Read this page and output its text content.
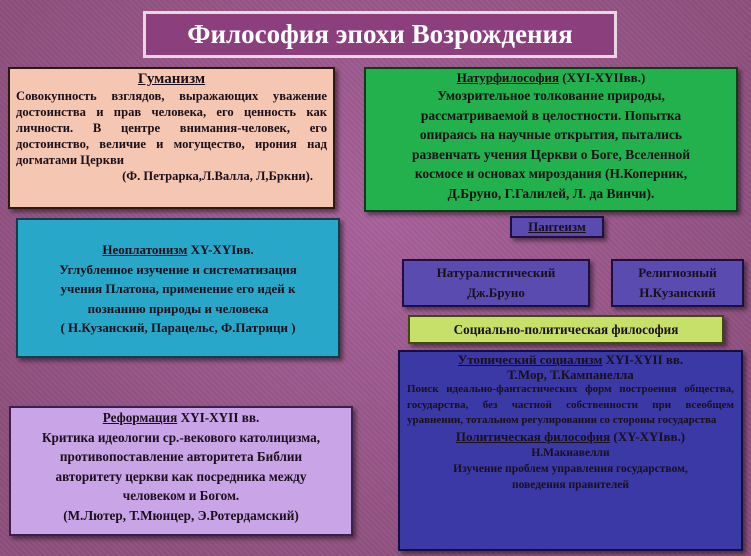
Философия эпохи Возрождения
Гуманизм
Совокупность взглядов, выражающих уважение достоинства и прав человека, его ценность как личности. В центре внимания-человек, его достоинство, величие и могущество, ирония над догматами Церкви
(Ф. Петрарка,Л.Валла, Л,Бркни).
Натурфилософия (XYI-XYIIвв.)
Умозрительное толкование природы,
рассматриваемой в целостности. Попытка
опираясь на научные открытия, пытались
развенчать учения Церкви о Боге, Вселенной
космосе и основах мироздания (Н.Коперник,
Д.Бруно, Г.Галилей, Л. да Винчи).
Неоплатонизм XY-XYIвв.
Углубленное изучение и систематизация
учения Платона, применение его идей к
познанию природы и человека
( Н.Кузанский, Парацельс, Ф.Патрици )
Реформация XYI-XYII вв.
Критика идеологии ср.-векового католицизма,
противопоставление авторитета Библии
авторитету церкви как посредника между
человеком и Богом.
(М.Лютер, Т.Мюнцер, Э.Ротердамский)
Пантеизм
Натуралистический
Дж.Бруно
Религиозный
Н.Кузанский
Социально-политическая философия
Утопический социализм XYI-XYII вв.
Т.Мор, Т.Кампанелла
Поиск идеально-фантастических форм построения общества, государства, без частной собственности при всеобщем уравнении, тотальном регулировании со стороны государства
Политическая философия (XY-XYIвв.)
Н.Макиавелли
Изучение проблем управления государством,
поведения правителей
